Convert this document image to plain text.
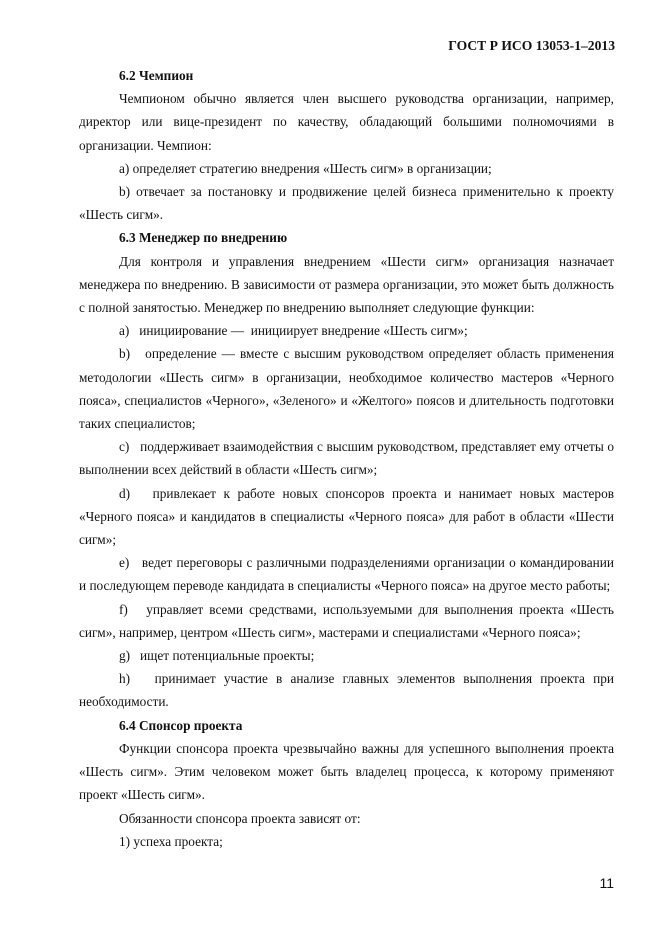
ГОСТ Р ИСО 13053-1–2013
6.2 Чемпион

Чемпионом обычно является член высшего руководства организации, например, директор или вице-президент по качеству, обладающий большими полномочиями в организации. Чемпион:

а) определяет стратегию внедрения «Шесть сигм» в организации;

b) отвечает за постановку и продвижение целей бизнеса применительно к проекту «Шесть сигм».

6.3 Менеджер по внедрению

Для контроля и управления внедрением «Шести сигм» организация назначает менеджера по внедрению. В зависимости от размера организации, это может быть должность с полной занятостью. Менеджер по внедрению выполняет следующие функции:

a)   инициирование —  инициирует внедрение «Шесть сигм»;

b)   определение — вместе с высшим руководством определяет область применения методологии «Шесть сигм» в организации, необходимое количество мастеров «Черного пояса», специалистов «Черного», «Зеленого» и «Желтого» поясов и длительность подготовки таких специалистов;

c)   поддерживает взаимодействия с высшим руководством, представляет ему отчеты о выполнении всех действий в области «Шесть сигм»;

d)   привлекает к работе новых спонсоров проекта и нанимает новых мастеров «Черного пояса» и кандидатов в специалисты «Черного пояса» для работ в области «Шести сигм»;

e)   ведет переговоры с различными подразделениями организации о командировании и последующем переводе кандидата в специалисты «Черного пояса» на другое место работы;

f)   управляет всеми средствами, используемыми для выполнения проекта «Шесть сигм», например, центром «Шесть сигм», мастерами и специалистами «Черного пояса»;

g)   ищет потенциальные проекты;

h)   принимает участие в анализе главных элементов выполнения проекта при необходимости.

6.4 Спонсор проекта

Функции спонсора проекта чрезвычайно важны для успешного выполнения проекта «Шесть сигм». Этим человеком может быть владелец процесса, к которому применяют проект «Шесть сигм».

Обязанности спонсора проекта зависят от:

1) успеха проекта;

11
